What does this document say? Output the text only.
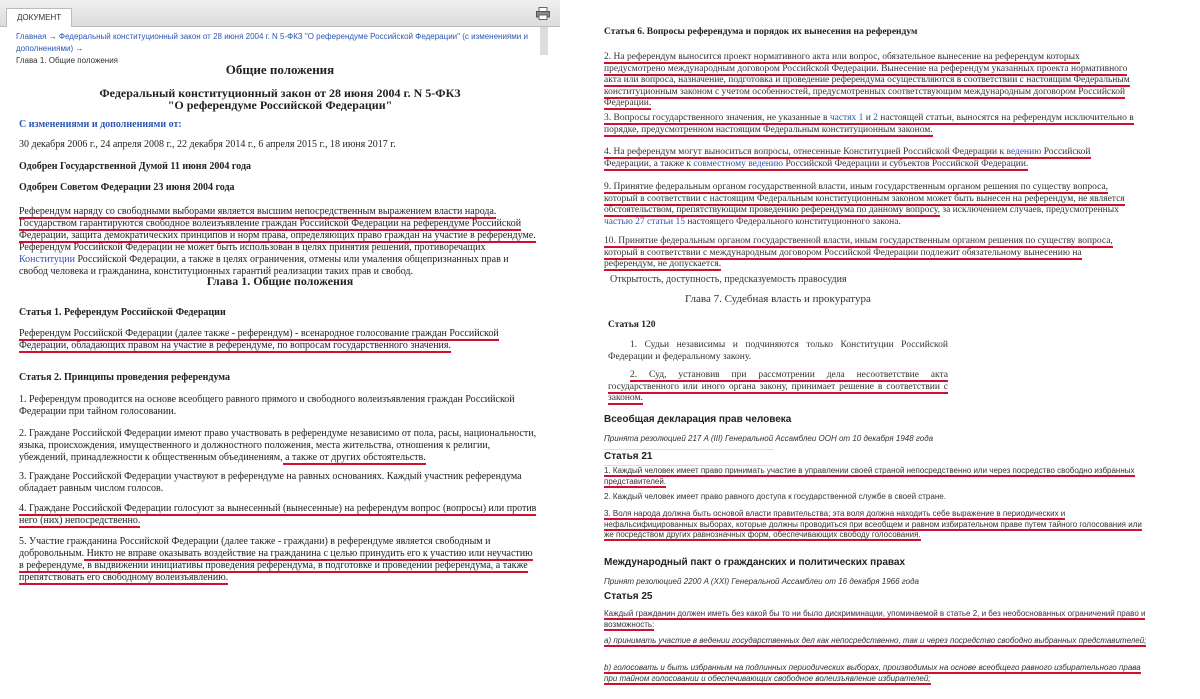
ДОКУМЕНТ
Главная → Федеральный конституционный закон от 28 июня 2004 г. N 5-ФКЗ "О референдуме Российской Федерации" (с изменениями и дополнениями) →
Глава 1. Общие положения
Общие положения
Федеральный конституционный закон от 28 июня 2004 г. N 5-ФКЗ
"О референдуме Российской Федерации"
С изменениями и дополнениями от:
30 декабря 2006 г., 24 апреля 2008 г., 22 декабря 2014 г., 6 апреля 2015 г., 18 июня 2017 г.
Одобрен Государственной Думой 11 июня 2004 года
Одобрен Советом Федерации 23 июня 2004 года
Референдум наряду со свободными выборами является высшим непосредственным выражением власти народа. Государством гарантируются свободное волеизъявление граждан Российской Федерации на референдуме Российской Федерации, защита демократических принципов и норм права, определяющих право граждан на участие в референдуме. Референдум Российской Федерации не может быть использован в целях принятия решений, противоречащих Конституции Российской Федерации, а также в целях ограничения, отмены или умаления общепризнанных прав и свобод человека и гражданина, конституционных гарантий реализации таких прав и свобод.
Глава 1. Общие положения
Статья 1. Референдум Российской Федерации
Референдум Российской Федерации (далее также - референдум) - всенародное голосование граждан Российской Федерации, обладающих правом на участие в референдуме, по вопросам государственного значения.
Статья 2. Принципы проведения референдума
1. Референдум проводится на основе всеобщего равного прямого и свободного волеизъявления граждан Российской Федерации при тайном голосовании.
2. Граждане Российской Федерации имеют право участвовать в референдуме независимо от пола, расы, национальности, языка, происхождения, имущественного и должностного положения, места жительства, отношения к религии, убеждений, принадлежности к общественным объединениям, а также от других обстоятельств.
3. Граждане Российской Федерации участвуют в референдуме на равных основаниях. Каждый участник референдума обладает равным числом голосов.
4. Граждане Российской Федерации голосуют за вынесенный (вынесенные) на референдум вопрос (вопросы) или против него (них) непосредственно.
5. Участие гражданина Российской Федерации (далее также - граждани) в референдуме является свободным и добровольным. Никто не вправе оказывать воздействие на гражданина с целью принудить его к участию или неучастию в референдуме, в выдвижении инициативы проведения референдума, в подготовке и проведении референдума, а также препятствовать его свободному волеизъявлению.
Статья 6. Вопросы референдума и порядок их вынесения на референдум
2. На референдум выносится проект нормативного акта или вопрос, обязательное вынесение на референдум которых предусмотрено международным договором Российской Федерации. Вынесение на референдум указанных проекта нормативного акта или вопроса, назначение, подготовка и проведение референдума осуществляются в соответствии с настоящим Федеральным конституционным законом с учетом особенностей, предусмотренных соответствующим международным договором Российской Федерации.
3. Вопросы государственного значения, не указанные в частях 1 и 2 настоящей статьи, выносятся на референдум исключительно в порядке, предусмотренном настоящим Федеральным конституционным законом.
4. На референдум могут выноситься вопросы, отнесенные Конституцией Российской Федерации к ведению Российской Федерации, а также к совместному ведению Российской Федерации и субъектов Российской Федерации.
9. Принятие федеральным органом государственной власти, иным государственным органом решения по существу вопроса, который в соответствии с настоящим Федеральным конституционным законом может быть вынесен на референдум, не является обстоятельством, препятствующим проведению референдума по данному вопросу, за исключением случаев, предусмотренных частью 27 статьи 15 настоящего Федерального конституционного закона.
10. Принятие федеральным органом государственной власти, иным государственным органом решения по существу вопроса, который в соответствии с международным договором Российской Федерации подлежит обязательному вынесению на референдум, не допускается.
Открытость, доступность, предсказуемость правосудия
Глава 7. Судебная власть и прокуратура
Статья 120
1. Судьи независимы и подчиняются только Конституции Российской Федерации и федеральному закону.
2. Суд, установив при рассмотрении дела несоответствие акта государственного или иного органа закону, принимает решение в соответствии с законом.
Всеобщая декларация прав человека
Принята резолюцией 217 A (III) Генеральной Ассамблеи ООН от 10 декабря 1948 года
Статья 21
1. Каждый человек имеет право принимать участие в управлении своей страной непосредственно или через посредство свободно избранных представителей.
2. Каждый человек имеет право равного доступа к государственной службе в своей стране.
3. Воля народа должна быть основой власти правительства; эта воля должна находить себе выражение в периодических и нефальсифицированных выборах, которые должны проводиться при всеобщем и равном избирательном праве путем тайного голосования или же посредством других равнозначных форм, обеспечивающих свободу голосования.
Международный пакт о гражданских и политических правах
Принят резолюцией 2200 A (XXI) Генеральной Ассамблеи от 16 декабря 1966 года
Статья 25
Каждый гражданин должен иметь без какой бы то ни было дискриминации, упоминаемой в статье 2, и без необоснованных ограничений право и возможность:
а) принимать участие в ведении государственных дел как непосредственно, так и через посредство свободно выбранных представителей;
b) голосовать и быть избранным на подлинных периодических выборах, производимых на основе всеобщего равного избирательного права при тайном голосовании и обеспечивающих свободное волеизъявление избирателей;
